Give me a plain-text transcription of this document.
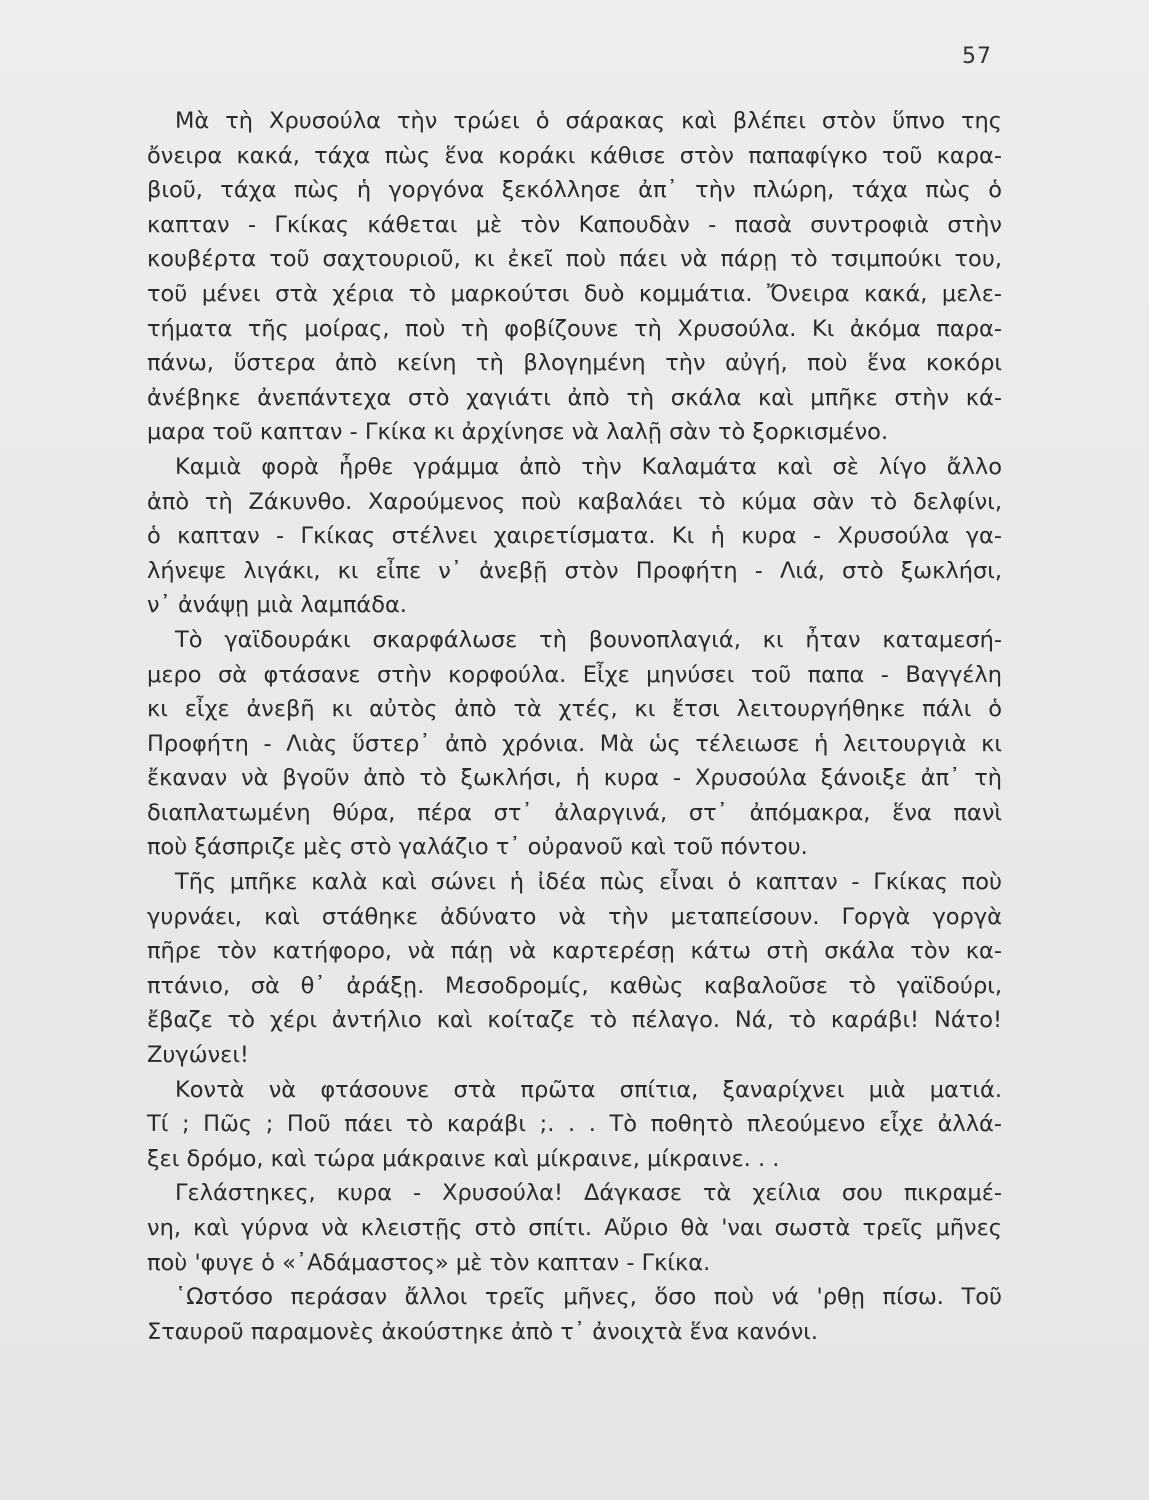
57
Μὰ τὴ Χρυσούλα τὴν τρώει ὁ σάρακας καὶ βλέπει στὸν ὕπνο της
ὄνειρα κακά, τάχα πὼς ἕνα κοράκι κάθισε στὸν παπαφίγκο τοῦ καρα-
βιοῦ, τάχα πὼς ἡ γοργόνα ξεκόλλησε ἀπ᾿ τὴν πλώρη, τάχα πὼς ὁ
καπταν - Γκίκας κάθεται μὲ τὸν Καπουδὰν - πασὰ συντροφιὰ στὴν
κουβέρτα τοῦ σαχτουριοῦ, κι ἐκεῖ ποὺ πάει νὰ πάρῃ τὸ τσιμπούκι του,
τοῦ μένει στὰ χέρια τὸ μαρκούτσι δυὸ κομμάτια. Ὄνειρα κακά, μελε-
τήματα τῆς μοίρας, ποὺ τὴ φοβίζουνε τὴ Χρυσούλα. Κι ἀκόμα παρα-
πάνω, ὕστερα ἀπὸ κείνη τὴ βλογημένη τὴν αὐγή, ποὺ ἕνα κοκόρι
ἀνέβηκε ἀνεπάντεχα στὸ χαγιάτι ἀπὸ τὴ σκάλα καὶ μπῆκε στὴν κά-
μαρα τοῦ καπταν - Γκίκα κι ἀρχίνησε νὰ λαλῇ σὰν τὸ ξορκισμένο.
Καμιὰ φορὰ ἦρθε γράμμα ἀπὸ τὴν Καλαμάτα καὶ σὲ λίγο ἄλλο
ἀπὸ τὴ Ζάκυνθο. Χαρούμενος ποὺ καβαλάει τὸ κύμα σὰν τὸ δελφίνι,
ὁ καπταν - Γκίκας στέλνει χαιρετίσματα. Κι ἡ κυρα - Χρυσούλα γα-
λήνεψε λιγάκι, κι εἶπε ν᾿ ἀνεβῇ στὸν Προφήτη - Λιά, στὸ ξωκλήσι,
ν᾿ ἀνάψῃ μιὰ λαμπάδα.
Τὸ γαϊδουράκι σκαρφάλωσε τὴ βουνοπλαγιά, κι ἦταν καταμεσή-
μερο σὰ φτάσανε στὴν κορφούλα. Εἶχε μηνύσει τοῦ παπα - Βαγγέλη
κι εἶχε ἀνεβῆ κι αὐτὸς ἀπὸ τὰ χτές, κι ἔτσι λειτουργήθηκε πάλι ὁ
Προφήτη - Λιὰς ὕστερ᾿ ἀπὸ χρόνια. Μὰ ὡς τέλειωσε ἡ λειτουργιὰ κι
ἔκαναν νὰ βγοῦν ἀπὸ τὸ ξωκλήσι, ἡ κυρα - Χρυσούλα ξάνοιξε ἀπ᾿ τὴ
διαπλατωμένη θύρα, πέρα στ᾿ ἀλαργινά, στ᾿ ἀπόμακρα, ἕνα πανὶ
ποὺ ξάσπριζε μὲς στὸ γαλάζιο τ᾿ οὐρανοῦ καὶ τοῦ πόντου.
Τῆς μπῆκε καλὰ καὶ σώνει ἡ ἰδέα πὼς εἶναι ὁ καπταν - Γκίκας ποὺ
γυρνάει, καὶ στάθηκε ἀδύνατο νὰ τὴν μεταπείσουν. Γοργὰ γοργὰ
πῆρε τὸν κατήφορο, νὰ πάῃ νὰ καρτερέσῃ κάτω στὴ σκάλα τὸν κα-
πτάνιο, σὰ θ᾿ ἀράξῃ. Μεσοδρομίς, καθὼς καβαλοῦσε τὸ γαϊδούρι,
ἔβαζε τὸ χέρι ἀντήλιο καὶ κοίταζε τὸ πέλαγο. Νά, τὸ καράβι! Νάτο!
Ζυγώνει!
Κοντὰ νὰ φτάσουνε στὰ πρῶτα σπίτια, ξαναρίχνει μιὰ ματιά.
Τί ; Πῶς ; Ποῦ πάει τὸ καράβι ;. . . Τὸ ποθητὸ πλεούμενο εἶχε ἀλλά-
ξει δρόμο, καὶ τώρα μάκραινε καὶ μίκραινε, μίκραινε. . .
Γελάστηκες, κυρα - Χρυσούλα! Δάγκασε τὰ χείλια σου πικραμέ-
νη, καὶ γύρνα νὰ κλειστῇς στὸ σπίτι. Αὔριο θὰ 'ναι σωστὰ τρεῖς μῆνες
ποὺ 'φυγε ὁ «᾿Αδάμαστος» μὲ τὸν καπταν - Γκίκα.
῾Ωστόσο περάσαν ἄλλοι τρεῖς μῆνες, ὅσο ποὺ νά 'ρθῃ πίσω. Τοῦ
Σταυροῦ παραμονὲς ἀκούστηκε ἀπὸ τ᾿ ἀνοιχτὰ ἕνα κανόνι.
